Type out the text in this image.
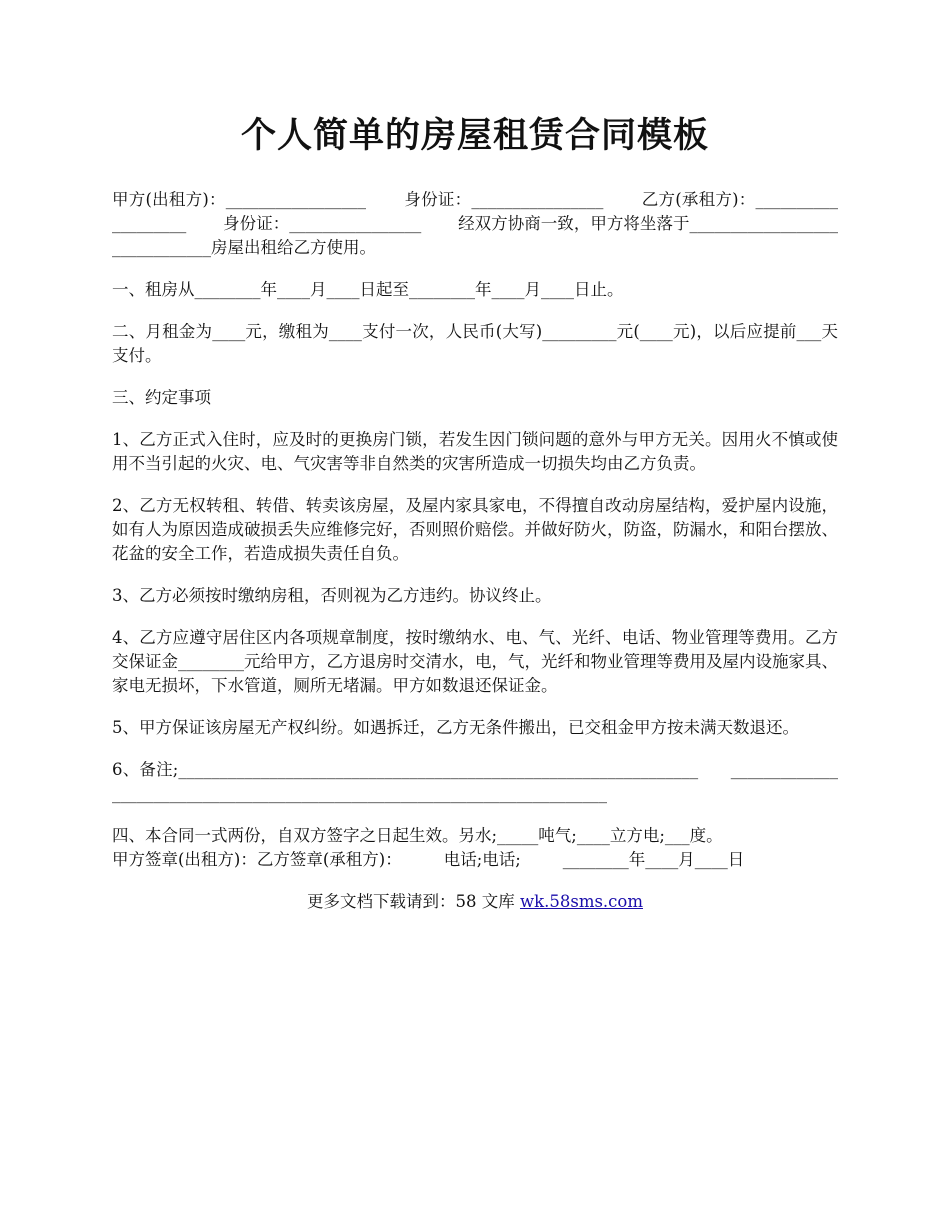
个人简单的房屋租赁合同模板

甲方(出租方)：_________________       身份证：________________       乙方(承租方)：___________________       身份证：________________       经双方协商一致，甲方将坐落于______________________________房屋出租给乙方使用。

一、租房从________年____月____日起至________年____月____日止。

二、月租金为____元，缴租为____支付一次，人民币(大写)_________元(____元)，以后应提前___天支付。

三、约定事项

1、乙方正式入住时，应及时的更换房门锁，若发生因门锁问题的意外与甲方无关。因用火不慎或使用不当引起的火灾、电、气灾害等非自然类的灾害所造成一切损失均由乙方负责。

2、乙方无权转租、转借、转卖该房屋，及屋内家具家电，不得擅自改动房屋结构，爱护屋内设施，如有人为原因造成破损丢失应维修完好，否则照价赔偿。并做好防火，防盗，防漏水，和阳台摆放、花盆的安全工作，若造成损失责任自负。

3、乙方必须按时缴纳房租，否则视为乙方违约。协议终止。

4、乙方应遵守居住区内各项规章制度，按时缴纳水、电、气、光纤、电话、物业管理等费用。乙方交保证金________元给甲方，乙方退房时交清水，电，气，光纤和物业管理等费用及屋内设施家具、家电无损坏，下水管道，厕所无堵漏。甲方如数退还保证金。

5、甲方保证该房屋无产权纠纷。如遇拆迁，乙方无条件搬出，已交租金甲方按未满天数退还。

6、备注;_______________________________________________________________      _________________________________________________________________________

四、本合同一式两份，自双方签字之日起生效。另水;_____吨气;____立方电;___度。

甲方签章(出租方)：乙方签章(承租方)：        电话;电话;        ________年____月____日

更多文档下载请到：58 文库 wk.58sms.com
